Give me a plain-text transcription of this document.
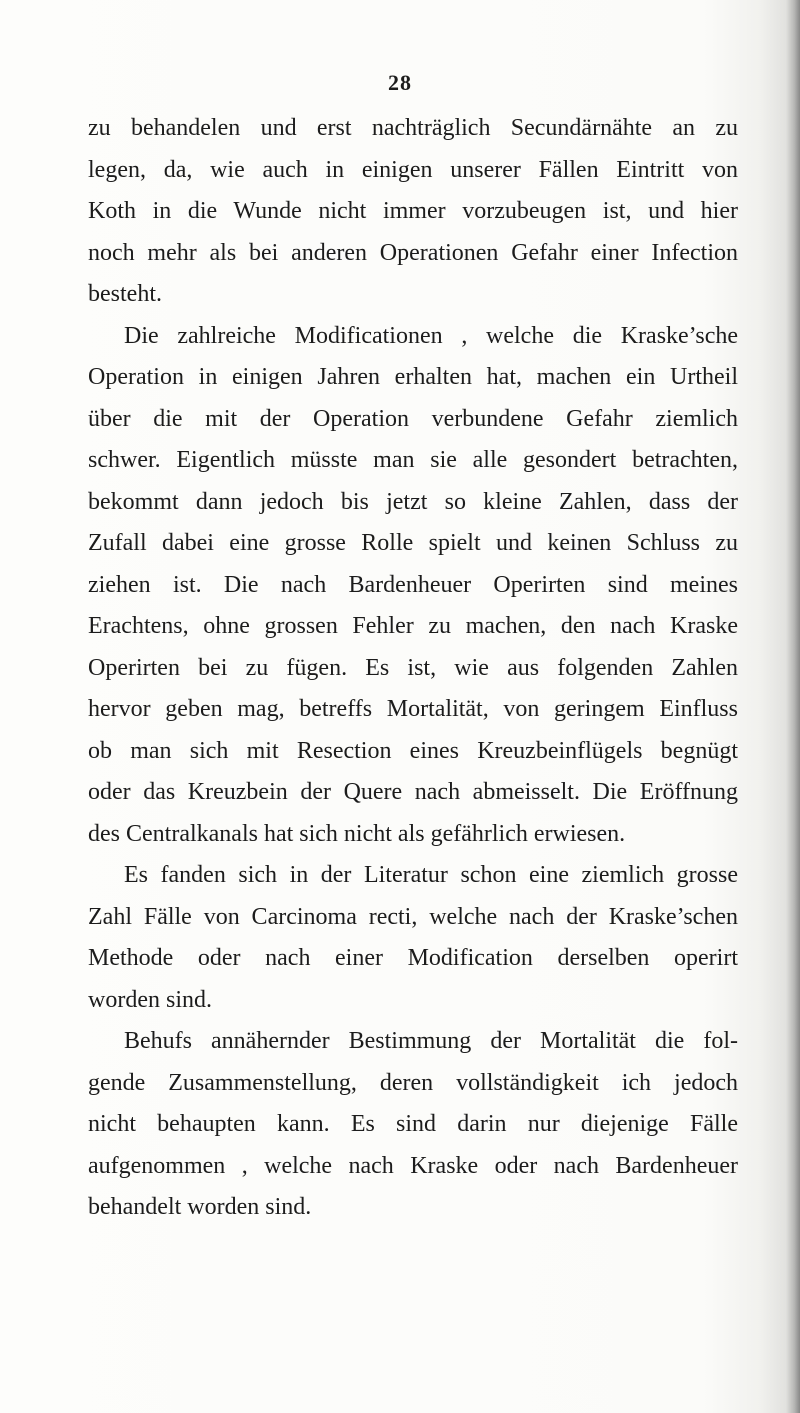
28
zu behandelen und erst nachträglich Secundärnähte an zu
legen, da, wie auch in einigen unserer Fällen Eintritt von
Koth in die Wunde nicht immer vorzubeugen ist, und hier
noch mehr als bei anderen Operationen Gefahr einer Infection
besteht.
Die zahlreiche Modificationen , welche die Kraske’sche
Operation in einigen Jahren erhalten hat, machen ein Urtheil
über die mit der Operation verbundene Gefahr ziemlich
schwer. Eigentlich müsste man sie alle gesondert betrachten,
bekommt dann jedoch bis jetzt so kleine Zahlen, dass der
Zufall dabei eine grosse Rolle spielt und keinen Schluss zu
ziehen ist. Die nach Bardenheuer Operirten sind meines
Erachtens, ohne grossen Fehler zu machen, den nach Kraske
Operirten bei zu fügen. Es ist, wie aus folgenden Zahlen
hervor geben mag, betreffs Mortalität, von geringem Einfluss
ob man sich mit Resection eines Kreuzbeinflügels begnügt
oder das Kreuzbein der Quere nach abmeisselt. Die Eröffnung
des Centralkanals hat sich nicht als gefährlich erwiesen.
Es fanden sich in der Literatur schon eine ziemlich grosse
Zahl Fälle von Carcinoma recti, welche nach der Kraske’schen
Methode oder nach einer Modification derselben operirt
worden sind.
Behufs annähernder Bestimmung der Mortalität die fol-
gende Zusammenstellung, deren vollständigkeit ich jedoch
nicht behaupten kann. Es sind darin nur diejenige Fälle
aufgenommen , welche nach Kraske oder nach Bardenheuer
behandelt worden sind.
